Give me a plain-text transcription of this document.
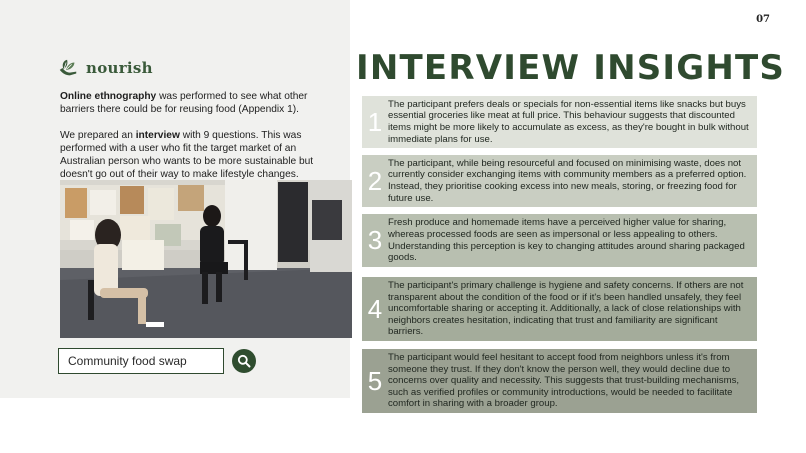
07
nourish

Online ethnography was performed to see what other barriers there could be for reusing food (Appendix 1).

We prepared an interview with 9 questions. This was performed with a user who fit the target market of an Australian person who wants to be more sustainable but doesn't go out of their way to make lifestyle changes.

Community food swap
INTERVIEW INSIGHTS
1
The participant prefers deals or specials for non-essential items like snacks but buys essential groceries like meat at full price. This behaviour suggests that discounted items might be more likely to accumulate as excess, as they're bought in bulk without immediate plans for use.
2
The participant, while being resourceful and focused on minimising waste, does not currently consider exchanging items with community members as a preferred option. Instead, they prioritise cooking excess into new meals, storing, or freezing food for future use.
3
Fresh produce and homemade items have a perceived higher value for sharing, whereas processed foods are seen as impersonal or less appealing to others. Understanding this perception is key to changing attitudes around sharing packaged goods.
4
The participant's primary challenge is hygiene and safety concerns. If others are not transparent about the condition of the food or if it's been handled unsafely, they feel uncomfortable sharing or accepting it. Additionally, a lack of close relationships with neighbors creates hesitation, indicating that trust and familiarity are significant barriers.
5
The participant would feel hesitant to accept food from neighbors unless it's from someone they trust. If they don't know the person well, they would decline due to concerns over quality and necessity. This suggests that trust-building mechanisms, such as verified profiles or community introductions, would be needed to facilitate comfort in sharing with a broader group.
